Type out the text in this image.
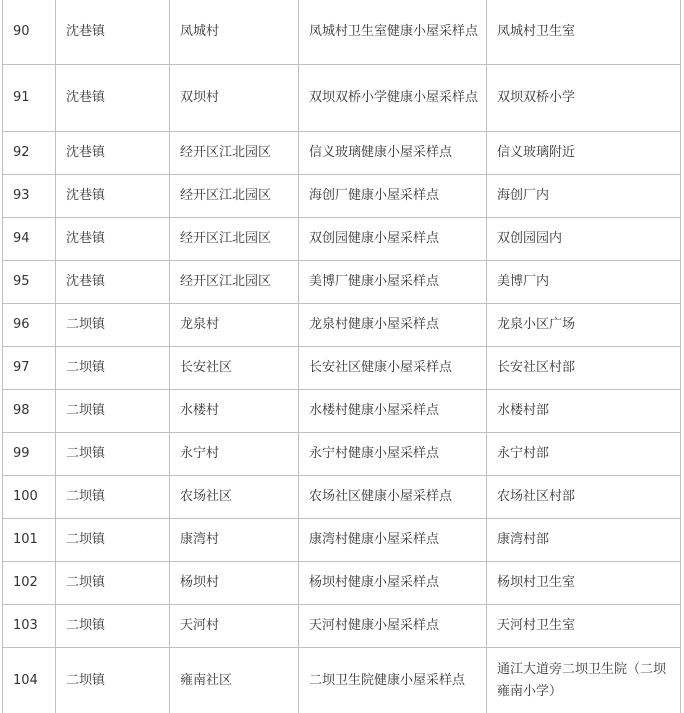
90	沈巷镇	凤城村	凤城村卫生室健康小屋采样点	凤城村卫生室
91	沈巷镇	双坝村	双坝双桥小学健康小屋采样点	双坝双桥小学
92	沈巷镇	经开区江北园区	信义玻璃健康小屋采样点	信义玻璃附近
93	沈巷镇	经开区江北园区	海创厂健康小屋采样点	海创厂内
94	沈巷镇	经开区江北园区	双创园健康小屋采样点	双创园园内
95	沈巷镇	经开区江北园区	美博厂健康小屋采样点	美博厂内
96	二坝镇	龙泉村	龙泉村健康小屋采样点	龙泉小区广场
97	二坝镇	长安社区	长安社区健康小屋采样点	长安社区村部
98	二坝镇	水楼村	水楼村健康小屋采样点	水楼村部
99	二坝镇	永宁村	永宁村健康小屋采样点	永宁村部
100	二坝镇	农场社区	农场社区健康小屋采样点	农场社区村部
101	二坝镇	康湾村	康湾村健康小屋采样点	康湾村部
102	二坝镇	杨坝村	杨坝村健康小屋采样点	杨坝村卫生室
103	二坝镇	天河村	天河村健康小屋采样点	天河村卫生室
104	二坝镇	雍南社区	二坝卫生院健康小屋采样点	通江大道旁二坝卫生院（二坝雍南小学）
